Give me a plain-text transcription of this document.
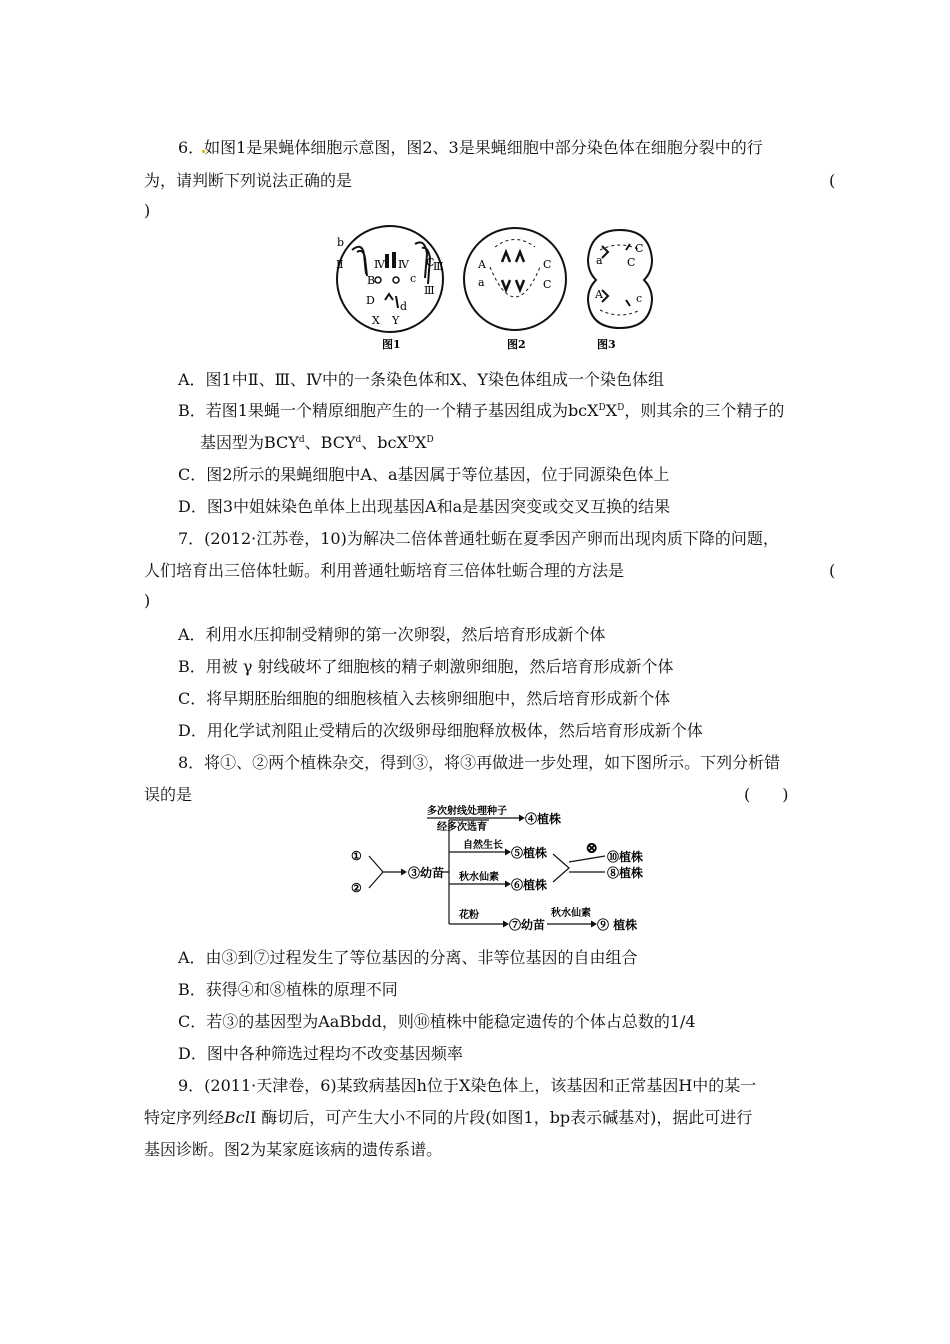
6．如图1是果蝇体细胞示意图，图2、3是果蝇细胞中部分染色体在细胞分裂中的行
为，请判断下列说法正确的是	(
)
b
Ⅱ
B
Ⅳ Ⅳ C
Ⅲ
c
Ⅲ
D d
X Y
图1
A
a
C
C
图2
a
C
C
A	c
图3
A．图1中Ⅱ、Ⅲ、Ⅳ中的一条染色体和X、Y染色体组成一个染色体组
B．若图1果蝇一个精原细胞产生的一个精子基因组成为$bcX^DX^D$，则其余的三个精子的
基因型为BCY$^d$、BCY$^d$、$bcX^DX^D$
C．图2所示的果蝇细胞中A、a基因属于等位基因，位于同源染色体上
D．图3中姐妹染色单体上出现基因A和a是基因突变或交叉互换的结果
7．(2012·江苏卷，10)为解决二倍体普通牡蛎在夏季因产卵而出现肉质下降的问题，
人们培育出三倍体牡蛎。利用普通牡蛎培育三倍体牡蛎合理的方法是	(
)
A．利用水压抑制受精卵的第一次卵裂，然后培育形成新个体
B．用被 γ 射线破坏了细胞核的精子刺激卵细胞，然后培育形成新个体
C．将早期胚胎细胞的细胞核植入去核卵细胞中，然后培育形成新个体
D．用化学试剂阻止受精后的次级卵母细胞释放极体，然后培育形成新个体
8．将①、②两个植株杂交，得到③，将③再做进一步处理，如下图所示。下列分析错
误的是	(　　)
①
②
③幼苗
多次射线处理种子
经多次选育
④植株
自然生长
⑤植株
秋水仙素
⑥植株
⊗ ⑩植株
⑧植株
花粉
⑦幼苗
秋水仙素
⑨ 植株
A．由③到⑦过程发生了等位基因的分离、非等位基因的自由组合
B．获得④和⑧植株的原理不同
C．若③的基因型为AaBbdd，则⑩植株中能稳定遗传的个体占总数的1/4
D．图中各种筛选过程均不改变基因频率
9．(2011·天津卷，6)某致病基因h位于X染色体上，该基因和正常基因H中的某一
特定序列经BclⅠ 酶切后，可产生大小不同的片段(如图1，bp表示碱基对)，据此可进行
基因诊断。图2为某家庭该病的遗传系谱。
